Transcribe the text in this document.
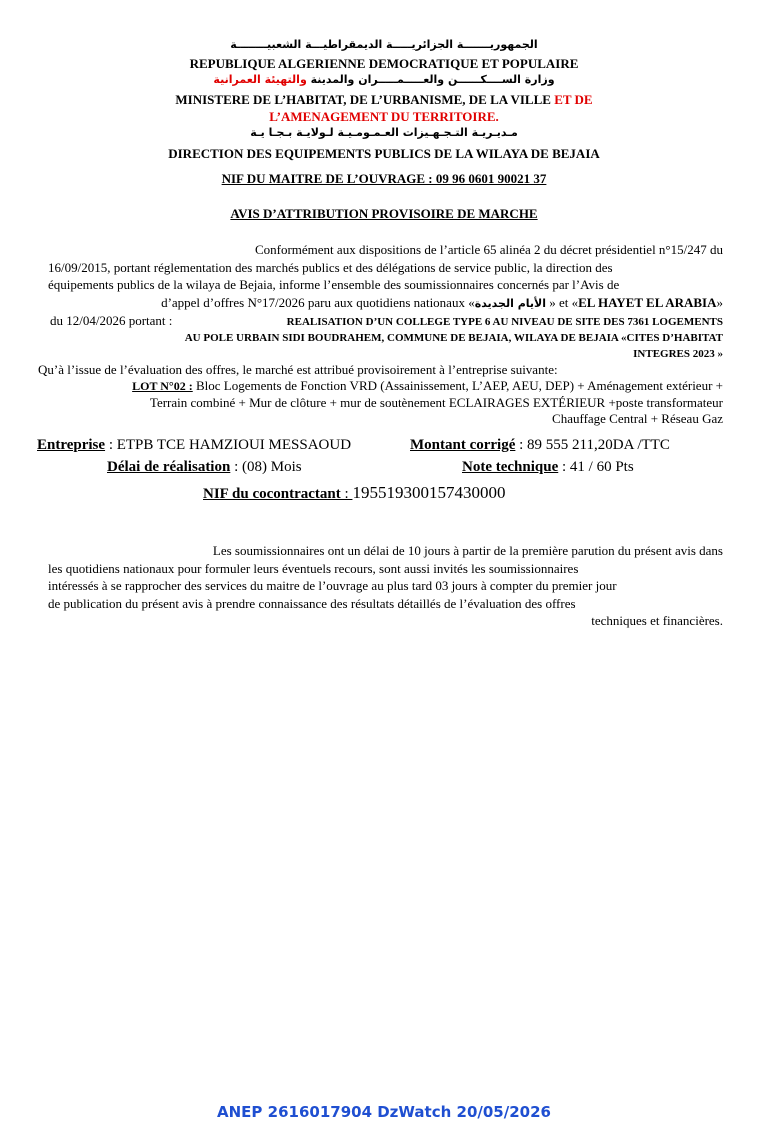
الجمهوريـــــــة الجزائريـــــة الديمقراطيـــة الشعبيــــــــة
REPUBLIQUE ALGERIENNE DEMOCRATIQUE ET POPULAIRE
وزارة الســــكــــــن والعـــــمـــــران والمدينة والتهيئة العمرانية
MINISTERE DE L’HABITAT, DE L’URBANISME, DE LA VILLE ET DE
L’AMENAGEMENT DU TERRITOIRE.
مـديـريـة التـجـهـيزات العـمـومـيـة لـولايـة بـجـا يـة
DIRECTION DES EQUIPEMENTS PUBLICS DE LA WILAYA DE BEJAIA
NIF DU MAITRE DE L’OUVRAGE : 09 96 0601 90021 37
AVIS D’ATTRIBUTION PROVISOIRE DE MARCHE
Conformément aux dispositions de l’article 65 alinéa 2 du décret présidentiel n°15/247 du
16/09/2015, portant réglementation des marchés publics et des délégations de service public, la direction des
équipements publics de la wilaya de Bejaia, informe l’ensemble des soumissionnaires concernés par l’Avis de
d’appel d’offres N°17/2026 paru aux quotidiens nationaux «الأيام الجديدة » et «EL HAYET EL ARABIA»
du 12/04/2026 portant :	REALISATION D’UN COLLEGE TYPE 6 AU NIVEAU DE SITE DES 7361 LOGEMENTS
AU POLE URBAIN SIDI BOUDRAHEM, COMMUNE DE BEJAIA, WILAYA DE BEJAIA «CITES D’HABITAT
INTEGRES 2023 »
Qu’à l’issue de l’évaluation des offres, le marché est attribué provisoirement à l’entreprise suivante:
LOT N°02 : Bloc Logements de Fonction VRD (Assainissement, L’AEP, AEU, DEP) + Aménagement extérieur +
Terrain combiné + Mur de clôture + mur de soutènement ECLAIRAGES EXTÉRIEUR +poste transformateur
Chauffage Central + Réseau Gaz
Entreprise : ETPB TCE HAMZIOUI MESSAOUD	Montant corrigé : 89 555 211,20DA /TTC
Délai de réalisation : (08) Mois	Note technique : 41 / 60 Pts
NIF du cocontractant : 195519300157430000
Les soumissionnaires ont un délai de 10 jours à partir de la première parution du présent avis dans
les quotidiens nationaux pour formuler leurs éventuels recours, sont aussi invités les soumissionnaires
intéressés à se rapprocher des services du maitre de l’ouvrage au plus tard 03 jours à compter du premier jour
de publication du présent avis à prendre connaissance des résultats détaillés de l’évaluation des offres
techniques et financières.
ANEP 2616017904 DzWatch 20/05/2026
